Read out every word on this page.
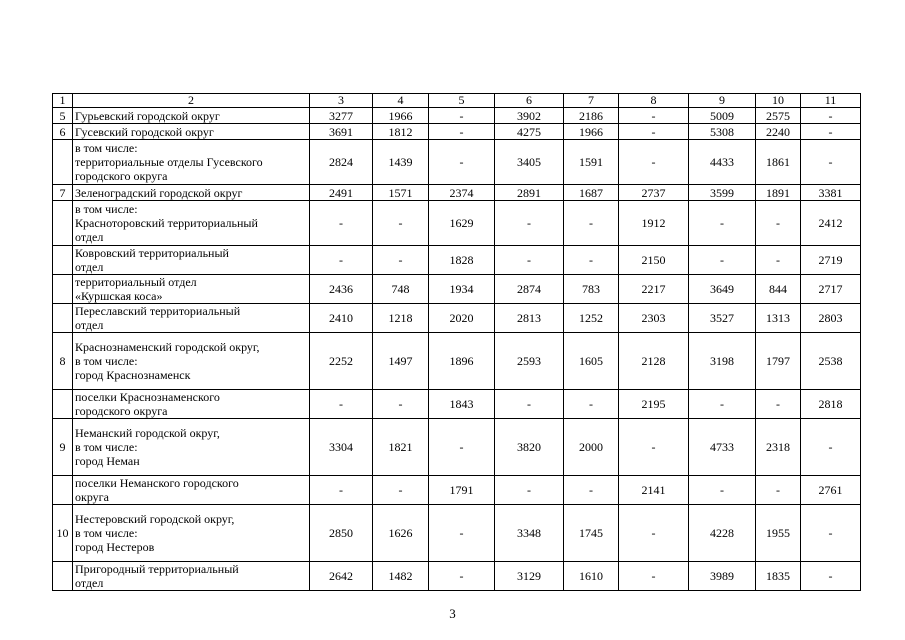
1	2	3	4	5	6	7	8	9	10	11
5	Гурьевский городской округ	3277	1966	-	3902	2186	-	5009	2575	-
6	Гусевский городской округ	3691	1812	-	4275	1966	-	5308	2240	-
	в том числе:
территориальные отделы Гусевского
городского округа	2824	1439	-	3405	1591	-	4433	1861	-
7	Зеленоградский городской округ	2491	1571	2374	2891	1687	2737	3599	1891	3381
	в том числе:
Красноторовский территориальный
отдел	-	-	1629	-	-	1912	-	-	2412
	Ковровский территориальный
отдел	-	-	1828	-	-	2150	-	-	2719
	территориальный отдел
«Куршская коса»	2436	748	1934	2874	783	2217	3649	844	2717
	Переславский территориальный
отдел	2410	1218	2020	2813	1252	2303	3527	1313	2803
8	Краснознаменский городской округ,
в том числе:
город Краснознаменск	2252	1497	1896	2593	1605	2128	3198	1797	2538
	поселки Краснознаменского
городского округа	-	-	1843	-	-	2195	-	-	2818
9	Неманский городской округ,
в том числе:
город Неман	3304	1821	-	3820	2000	-	4733	2318	-
	поселки Неманского городского
округа	-	-	1791	-	-	2141	-	-	2761
10	Нестеровский городской округ,
в том числе:
город Нестеров	2850	1626	-	3348	1745	-	4228	1955	-
	Пригородный территориальный
отдел	2642	1482	-	3129	1610	-	3989	1835	-
3
